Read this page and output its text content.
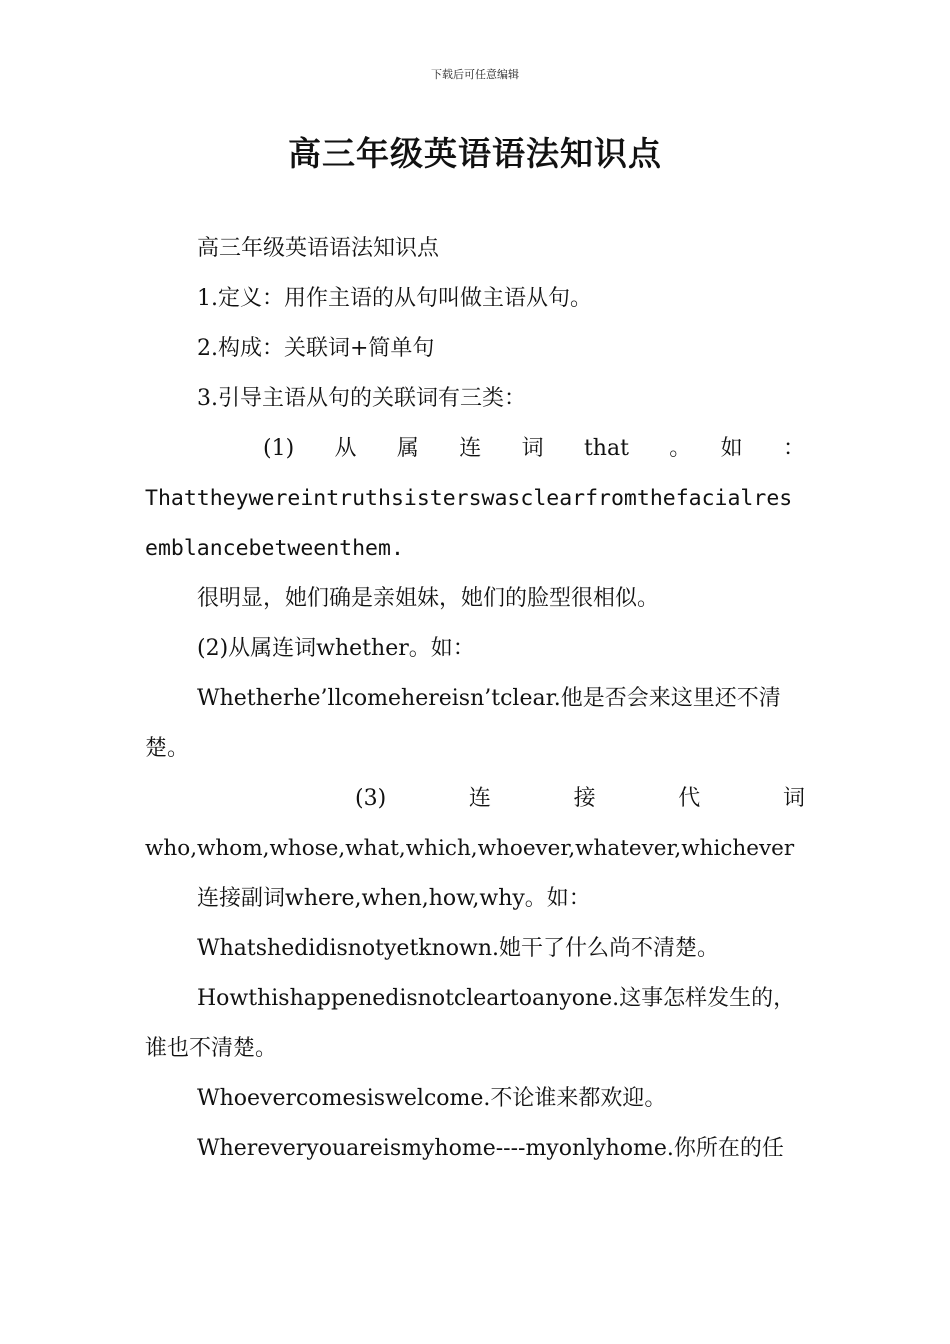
下载后可任意编辑
高三年级英语语法知识点

高三年级英语语法知识点

1.定义：用作主语的从句叫做主语从句。

2.构成：关联词+简单句

3.引导主语从句的关联词有三类：

(1)　从　属　连　词　that　。　如　：

Thattheywereintruthsisterswasclearfromthefacialresemblancebetweenthem.

很明显，她们确是亲姐妹，她们的脸型很相似。

(2)从属连词whether。如：

Whetherhe’llcomehereisn’tclear.他是否会来这里还不清楚。

(3)　　　连　　　接　　　代　　　词

who,whom,whose,what,which,whoever,whatever,whichever

连接副词where,when,how,why。如：

Whatshedidisnotyetknown.她干了什么尚不清楚。

Howthishappenedisnotcleartoanyone.这事怎样发生的，谁也不清楚。

Whoevercomesiswelcome.不论谁来都欢迎。

Whereveryouareismyhome----myonlyhome.你所在的任
